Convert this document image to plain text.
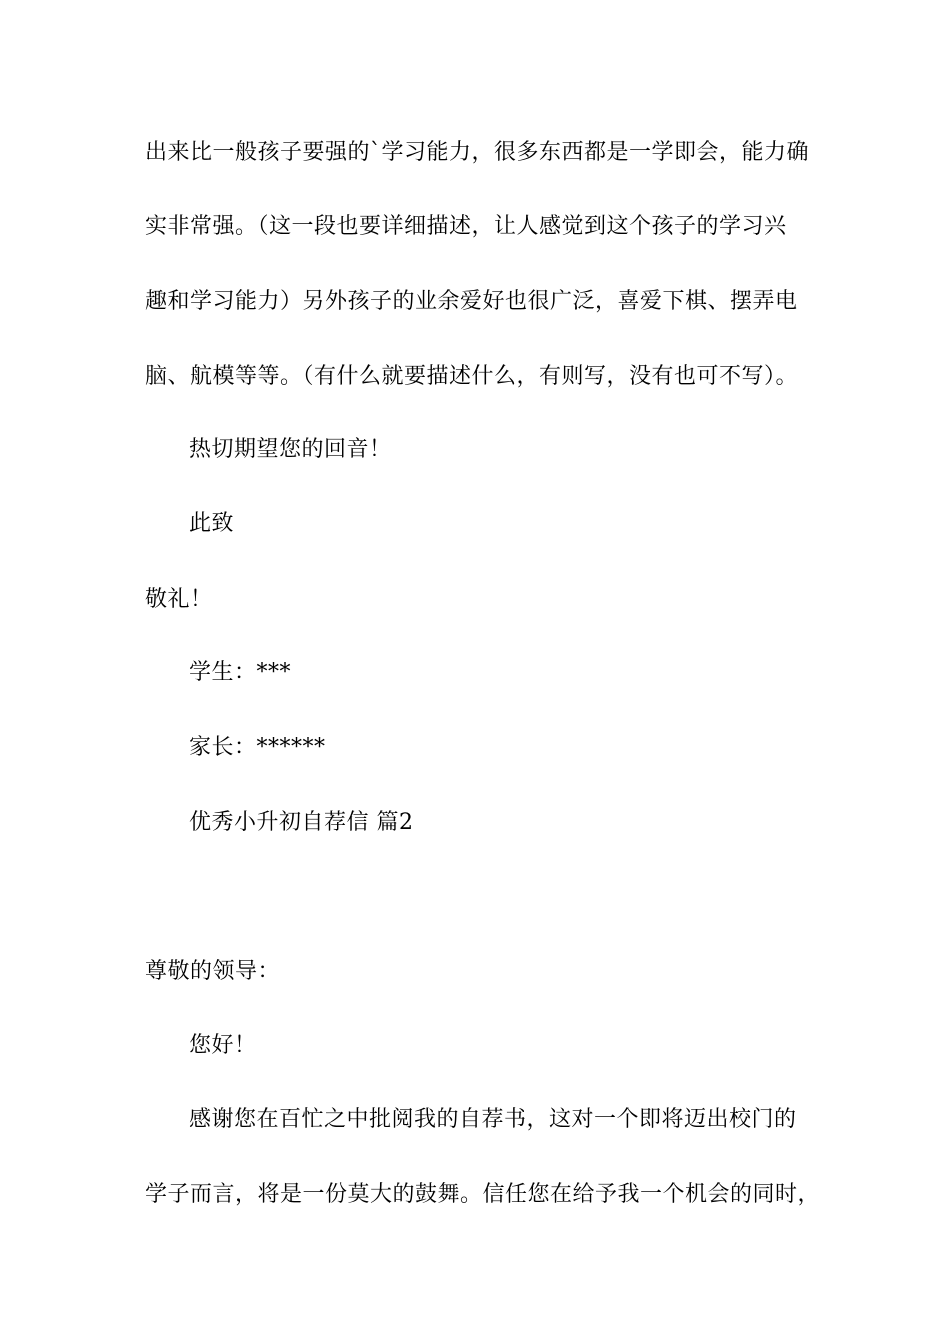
出来比一般孩子要强的`学习能力，很多东西都是一学即会，能力确
实非常强。（这一段也要详细描述，让人感觉到这个孩子的学习兴
趣和学习能力）另外孩子的业余爱好也很广泛，喜爱下棋、摆弄电
脑、航模等等。（有什么就要描述什么，有则写，没有也可不写）。
热切期望您的回音！
此致
敬礼！
学生：***
家长：******
优秀小升初自荐信 篇2
尊敬的领导：
您好！
感谢您在百忙之中批阅我的自荐书，这对一个即将迈出校门的
学子而言，将是一份莫大的鼓舞。信任您在给予我一个机会的同时，
